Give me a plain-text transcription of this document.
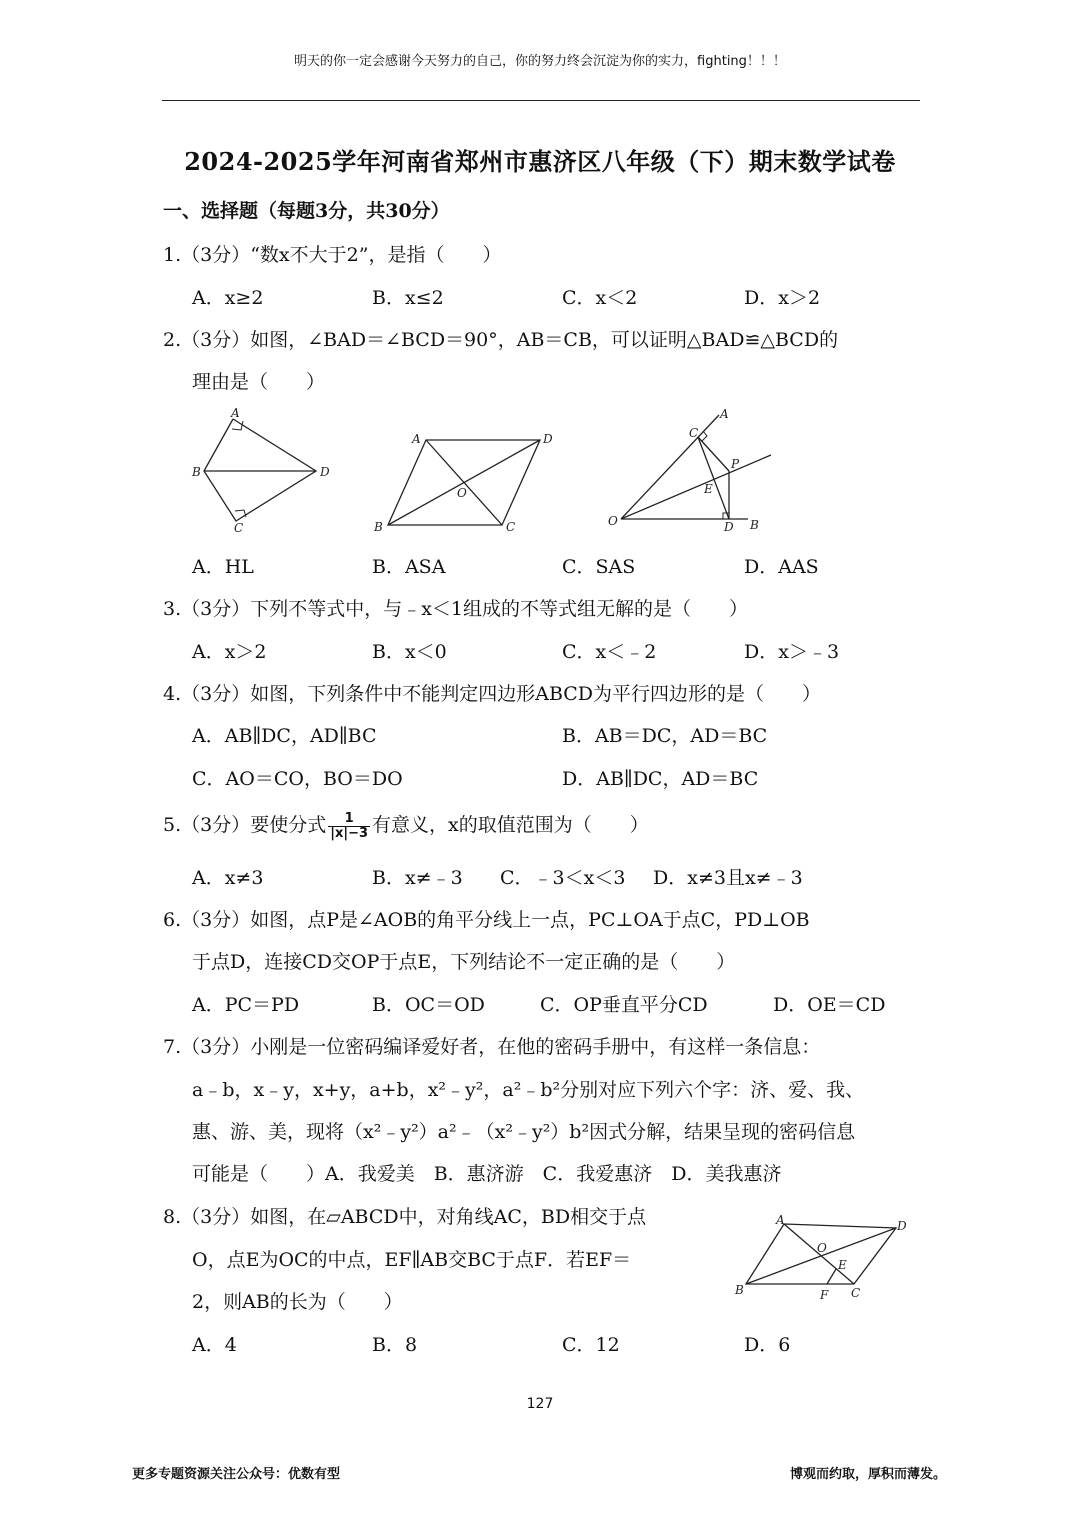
明天的你一定会感谢今天努力的自己，你的努力终会沉淀为你的实力，fighting！！！
2024-2025学年河南省郑州市惠济区八年级（下）期末数学试卷
一、选择题（每题3分，共30分）
1.（3分）“数x不大于2”，是指（　　）
A．x≥2	B．x≤2	C．x＜2	D．x＞2
2.（3分）如图，∠BAD＝∠BCD＝90°，AB＝CB，可以证明△BAD≌△BCD的
理由是（　　）
A
B
C
D
A	D
O
B	C
A
C
P
E
O	D B
A．HL	B．ASA	C．SAS	D．AAS
3.（3分）下列不等式中，与﹣x＜1组成的不等式组无解的是（　　）
A．x＞2	B．x＜0	C．x＜﹣2	D．x＞﹣3
4.（3分）如图，下列条件中不能判定四边形ABCD为平行四边形的是（　　）
A．AB∥DC，AD∥BC	B．AB＝DC，AD＝BC
C．AO＝CO，BO＝DO	D．AB∥DC，AD＝BC
5.（3分）要使分式 $\frac{1}{|x|-3}$ 有意义，x的取值范围为（　　）
A．x≠3	B．x≠﹣3 C．﹣3＜x＜3 D．x≠3且x≠﹣3
6.（3分）如图，点P是∠AOB的角平分线上一点，PC⊥OA于点C，PD⊥OB
于点D，连接CD交OP于点E，下列结论不一定正确的是（　　）
A．PC＝PD	B．OC＝OD	C．OP垂直平分CD	D．OE＝CD
7.（3分）小刚是一位密码编译爱好者，在他的密码手册中，有这样一条信息：
a﹣b，x﹣y，x+y，a+b，x²﹣y²，a²﹣b²分别对应下列六个字：济、爱、我、
惠、游、美，现将（x²﹣y²）a²﹣（x²﹣y²）b²因式分解，结果呈现的密码信息
可能是（　　）A．我爱美　B．惠济游　C．我爱惠济　D．美我惠济
8.（3分）如图，在▱ABCD中，对角线AC，BD相交于点
O，点E为OC的中点，EF∥AB交BC于点F．若EF＝
2，则AB的长为（　　）
A	D
O
E
B	F C
A．4	B．8	C．12	D．6
127
更多专题资源关注公众号：优数有型	博观而约取，厚积而薄发。
